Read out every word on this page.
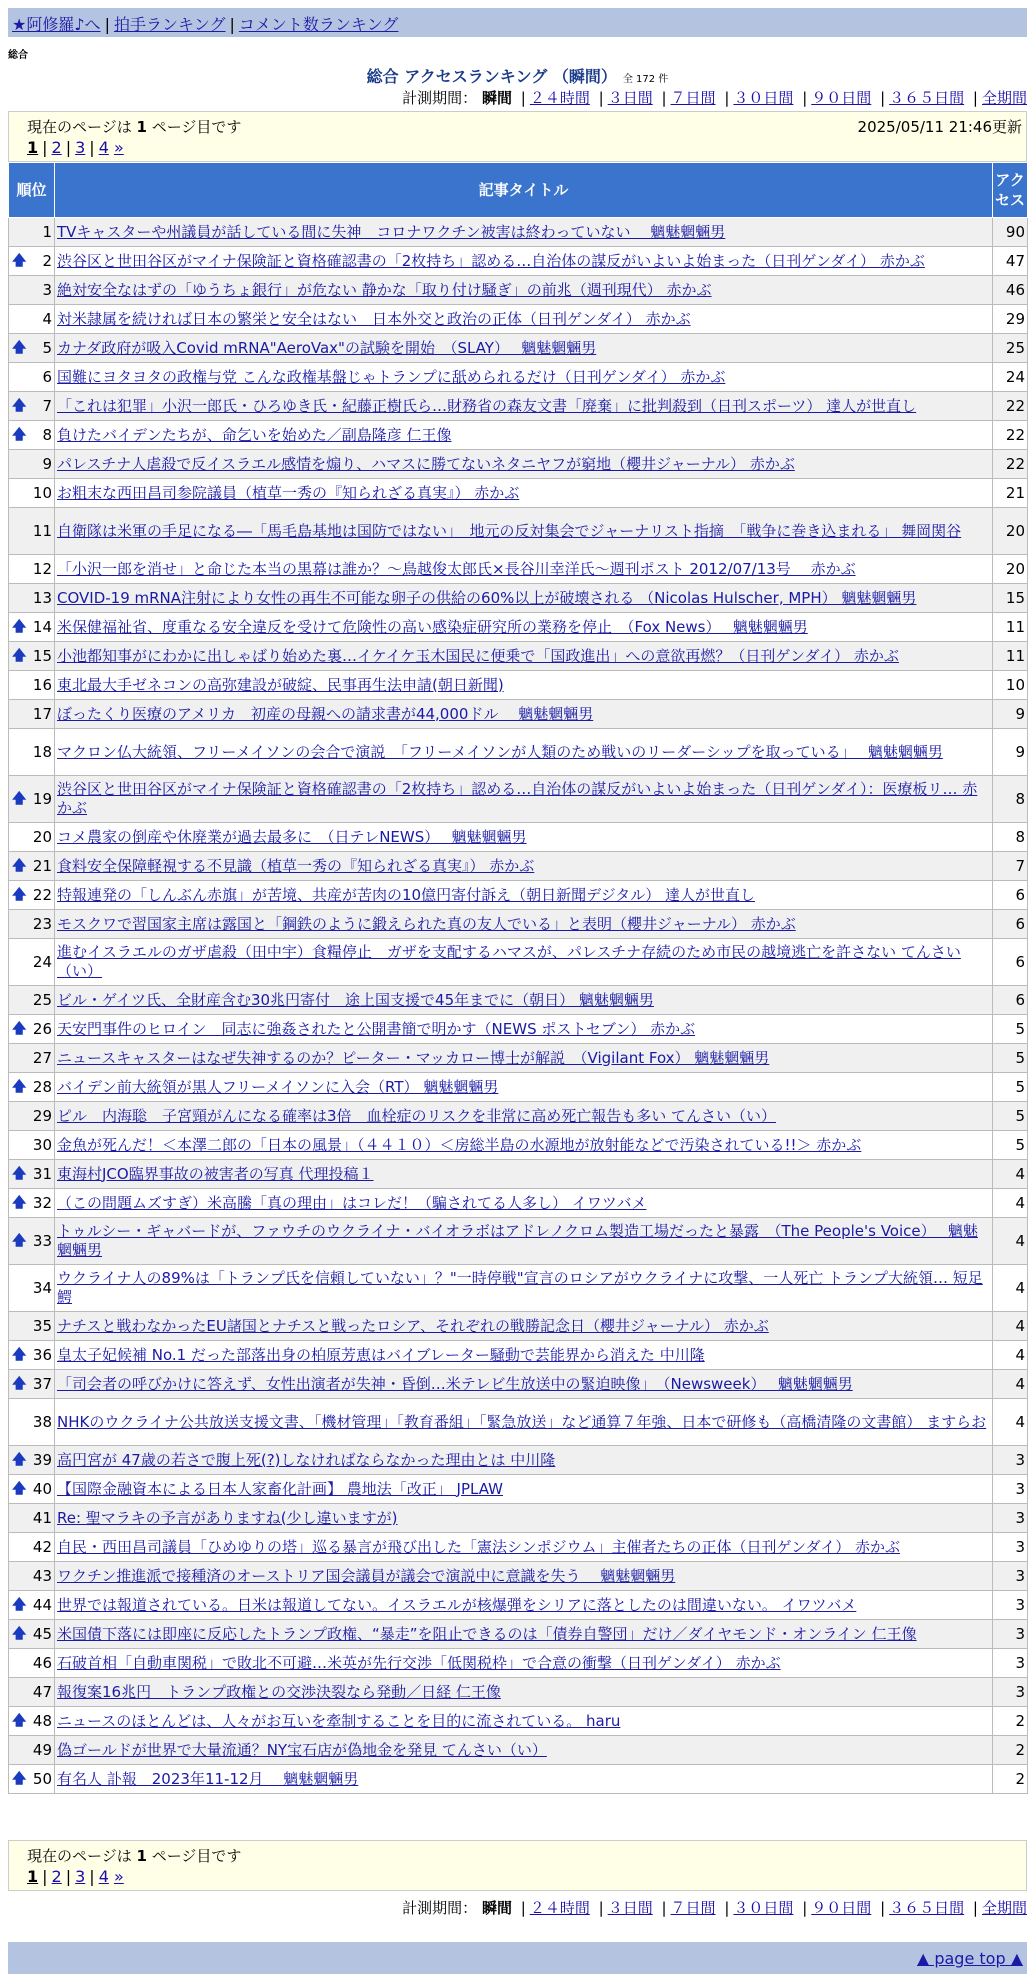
★阿修羅♪へ | 拍手ランキング | コメント数ランキング
総合
総合 アクセスランキング （瞬間） 全 172 件
計測期間： 瞬間 | ２４時間 | ３日間 | ７日間 | ３０日間 | ９０日間 | ３６５日間 | 全期間
現在のページは 1 ページ目です	2025/05/11 21:46更新
1 | 2 | 3 | 4 »
順位	記事タイトル	アクセス
1	TVキャスターや州議員が話している間に失神　コロナワクチン被害は終わっていない　 魑魅魍魎男	90

🡅 2	渋谷区と世田谷区がマイナ保険証と資格確認書の「2枚持ち」認める…自治体の謀反がいよいよ始まった（日刊ゲンダイ） 赤かぶ	47
3	絶対安全なはずの「ゆうちょ銀行」が危ない 静かな「取り付け騒ぎ」の前兆（週刊現代） 赤かぶ	46
4	対米隷属を続ければ日本の繁栄と安全はない　日本外交と政治の正体（日刊ゲンダイ） 赤かぶ	29

🡅 5	カナダ政府が吸入Covid mRNA"AeroVax"の試験を開始　（SLAY）　 魑魅魍魎男	25
6	国難にヨタヨタの政権与党 こんな政権基盤じゃトランプに舐められるだけ（日刊ゲンダイ） 赤かぶ	24

🡅 7	「これは犯罪」小沢一郎氏・ひろゆき氏・紀藤正樹氏ら…財務省の森友文書「廃棄」に批判殺到（日刊スポーツ） 達人が世直し	22

🡅 8	負けたバイデンたちが、命乞いを始めた／副島隆彦 仁王像	22
9	パレスチナ人虐殺で反イスラエル感情を煽り、ハマスに勝てないネタニヤフが窮地（櫻井ジャーナル） 赤かぶ	22
10	お粗末な西田昌司参院議員（植草一秀の『知られざる真実』） 赤かぶ	21
11	自衛隊は米軍の手足になる―「馬毛島基地は国防ではない」　地元の反対集会でジャーナリスト指摘　「戦争に巻き込まれる」 舞岡関谷	20
12	「小沢一郎を消せ」と命じた本当の黒幕は誰か？～鳥越俊太郎氏×長谷川幸洋氏～週刊ポスト 2012/07/13号　 赤かぶ	20
13	COVID-19 mRNA注射により女性の再生不可能な卵子の供給の60%以上が破壊される （Nicolas Hulscher, MPH） 魑魅魍魎男	15

🡅 14	米保健福祉省、度重なる安全違反を受けて危険性の高い感染症研究所の業務を停止　（Fox News）　 魑魅魍魎男	11

🡅 15	小池都知事がにわかに出しゃばり始めた裏…イケイケ玉木国民に便乗で「国政進出」への意欲再燃？（日刊ゲンダイ） 赤かぶ	11
16	東北最大手ゼネコンの高弥建設が破綻、民事再生法申請(朝日新聞)	10
17	ぼったくり医療のアメリカ　初産の母親への請求書が44,000ドル　 魑魅魍魎男	9
18	マクロン仏大統領、フリーメイソンの会合で演説　「フリーメイソンが人類のため戦いのリーダーシップを取っている」　 魑魅魍魎男	9

🡅 19	渋谷区と世田谷区がマイナ保険証と資格確認書の「2枚持ち」認める…自治体の謀反がいよいよ始まった（日刊ゲンダイ）：医療板リ… 赤かぶ	8
20	コメ農家の倒産や休廃業が過去最多に　（日テレNEWS）　 魑魅魍魎男	8

🡅 21	食料安全保障軽視する不見識（植草一秀の『知られざる真実』） 赤かぶ	7

🡅 22	特報連発の「しんぶん赤旗」が苦境、共産が苦肉の10億円寄付訴え（朝日新聞デジタル） 達人が世直し	6
23	モスクワで習国家主席は露国と「鋼鉄のように鍛えられた真の友人でいる」と表明（櫻井ジャーナル） 赤かぶ	6
24	進むイスラエルのガザ虐殺（田中宇）食糧停止　ガザを支配するハマスが、パレスチナ存続のため市民の越境逃亡を許さない てんさい（い）	6
25	ビル・ゲイツ氏、全財産含む30兆円寄付　途上国支援で45年までに（朝日） 魑魅魍魎男	6

🡅 26	天安門事件のヒロイン　同志に強姦されたと公開書簡で明かす（NEWS ポストセブン） 赤かぶ	5
27	ニュースキャスターはなぜ失神するのか？ピーター・マッカロー博士が解説　（Vigilant Fox） 魑魅魍魎男	5

🡅 28	バイデン前大統領が黒人フリーメイソンに入会（RT） 魑魅魍魎男	5
29	ピル　内海聡　子宮頸がんになる確率は3倍　血栓症のリスクを非常に高め死亡報告も多い てんさい（い）	5
30	金魚が死んだ！＜本澤二郎の「日本の風景」（４４１０）＜房総半島の水源地が放射能などで汚染されている!!＞ 赤かぶ	5

🡅 31	東海村JCO臨界事故の被害者の写真 代理投稿１	4

🡅 32	（この問題ムズすぎ）米高騰「真の理由」はコレだ！（騙されてる人多し） イワツバメ	4

🡅 33	トゥルシー・ギャバードが、ファウチのウクライナ・バイオラボはアドレノクロム製造工場だったと暴露　（The People's Voice）　 魑魅魍魎男	4
34	ウクライナ人の89%は「トランプ氏を信頼していない」？"一時停戦"宣言のロシアがウクライナに攻撃、一人死亡 トランプ大統領… 短足鰐	4
35	ナチスと戦わなかったEU諸国とナチスと戦ったロシア、それぞれの戦勝記念日（櫻井ジャーナル） 赤かぶ	4

🡅 36	皇太子妃候補 No.1 だった部落出身の柏原芳恵はバイブレーター騒動で芸能界から消えた 中川隆	4

🡅 37	「司会者の呼びかけに答えず、女性出演者が失神・昏倒…米テレビ生放送中の緊迫映像」　（Newsweek）　 魑魅魍魎男	4
38	NHKのウクライナ公共放送支援文書、「機材管理」「教育番組」「緊急放送」など通算７年強、日本で研修も（高橋清隆の文書館） ますらお	4

🡅 39	高円宮が 47歳の若さで腹上死(?)しなければならなかった理由とは 中川隆	3

🡅 40	【国際金融資本による日本人家畜化計画】 農地法「改正」 JPLAW	3
41	Re: 聖マラキの予言がありますね(少し違いますが)	3
42	自民・西田昌司議員「ひめゆりの塔」巡る暴言が飛び出した「憲法シンポジウム」主催者たちの正体（日刊ゲンダイ） 赤かぶ	3
43	ワクチン推進派で接種済のオーストリア国会議員が議会で演説中に意識を失う　 魑魅魍魎男	3

🡅 44	世界では報道されている。日米は報道してない。イスラエルが核爆弾をシリアに落としたのは間違いない。 イワツバメ	3

🡅 45	米国債下落には即座に反応したトランプ政権、“暴走”を阻止できるのは「債券自警団」だけ／ダイヤモンド・オンライン 仁王像	3
46	石破首相「自動車関税」で敗北不可避…米英が先行交渉「低関税枠」で合意の衝撃（日刊ゲンダイ） 赤かぶ	3
47	報復案16兆円　トランプ政権との交渉決裂なら発動／日経 仁王像	3

🡅 48	ニュースのほとんどは、人々がお互いを牽制することを目的に流されている。 haru	2
49	偽ゴールドが世界で大量流通？NY宝石店が偽地金を発見 てんさい（い）	2

🡅 50	有名人 訃報　2023年11-12月　 魑魅魍魎男	2
現在のページは 1 ページ目です
1 | 2 | 3 | 4 »
計測期間： 瞬間 | ２４時間 | ３日間 | ７日間 | ３０日間 | ９０日間 | ３６５日間 | 全期間
▲ page top ▲
